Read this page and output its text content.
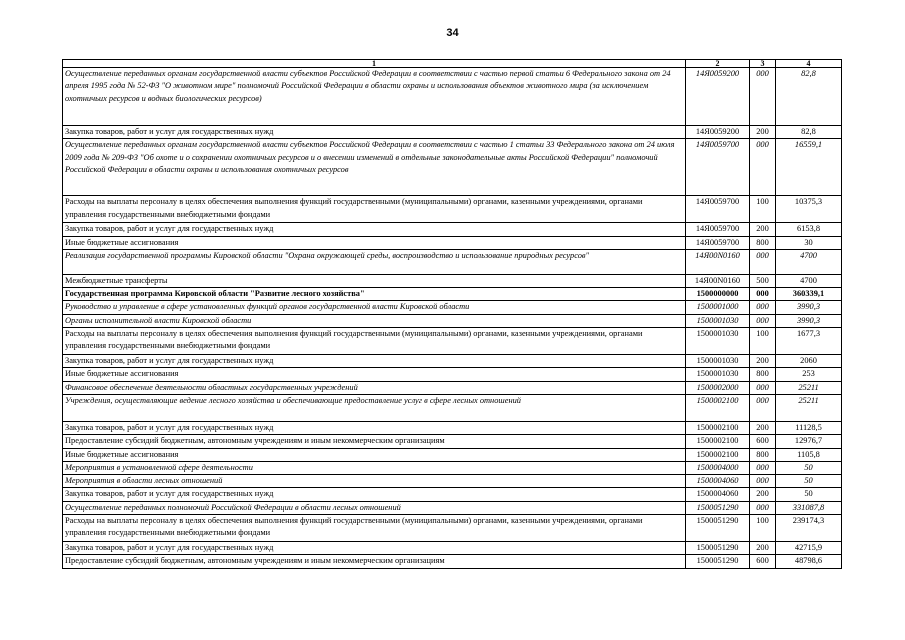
34
1	2	3	4
Осуществление переданных органам государственной власти субъектов Российской Федерации в соответствии с частью первой статьи 6 Федерального закона от 24 апреля 1995 года № 52-ФЗ "О животном мире" полномочий Российской Федерации в области охраны и использования объектов животного мира (за исключением охотничьих ресурсов и водных биологических ресурсов)	14Я0059200	000	82,8
Закупка товаров, работ и услуг для государственных нужд	14Я0059200	200	82,8
Осуществление переданных органам государственной власти субъектов Российской Федерации в соответствии с частью 1 статьи 33 Федерального закона от 24 июля 2009 года № 209-ФЗ "Об охоте и о сохранении охотничьих ресурсов и о внесении изменений в отдельные законодательные акты Российской Федерации" полномочий Российской Федерации в области охраны и использования охотничьих ресурсов	14Я0059700	000	16559,1
Расходы на выплаты персоналу в целях обеспечения выполнения функций государственными (муниципальными) органами, казенными учреждениями, органами управления государственными внебюджетными фондами	14Я0059700	100	10375,3
Закупка товаров, работ и услуг для государственных нужд	14Я0059700	200	6153,8
Иные бюджетные ассигнования	14Я0059700	800	30
Реализация государственной программы Кировской области "Охрана окружающей среды, воспроизводство и использование природных ресурсов"	14Я00N0160	000	4700
Межбюджетные трансферты	14Я00N0160	500	4700
Государственная программа Кировской области "Развитие лесного хозяйства"	1500000000	000	360339,1
Руководство и управление в сфере установленных функций органов государственной власти Кировской области	1500001000	000	3990,3
Органы исполнительной власти Кировской области	1500001030	000	3990,3
Расходы на выплаты персоналу в целях обеспечения выполнения функций государственными (муниципальными) органами, казенными учреждениями, органами управления государственными внебюджетными фондами	1500001030	100	1677,3
Закупка товаров, работ и услуг для государственных нужд	1500001030	200	2060
Иные бюджетные ассигнования	1500001030	800	253
Финансовое обеспечение деятельности областных государственных учреждений	1500002000	000	25211
Учреждения, осуществляющие ведение лесного хозяйства и обеспечивающие предоставление услуг в сфере лесных отношений	1500002100	000	25211
Закупка товаров, работ и услуг для государственных нужд	1500002100	200	11128,5
Предоставление субсидий бюджетным, автономным учреждениям и иным некоммерческим организациям	1500002100	600	12976,7
Иные бюджетные ассигнования	1500002100	800	1105,8
Мероприятия в установленной сфере деятельности	1500004000	000	50
Мероприятия в области лесных отношений	1500004060	000	50
Закупка товаров, работ и услуг для государственных нужд	1500004060	200	50
Осуществление переданных полномочий Российской Федерации в области лесных отношений	1500051290	000	331087,8
Расходы на выплаты персоналу в целях обеспечения выполнения функций государственными (муниципальными) органами, казенными учреждениями, органами управления государственными внебюджетными фондами	1500051290	100	239174,3
Закупка товаров, работ и услуг для государственных нужд	1500051290	200	42715,9
Предоставление субсидий бюджетным, автономным учреждениям и иным некоммерческим организациям	1500051290	600	48798,6
